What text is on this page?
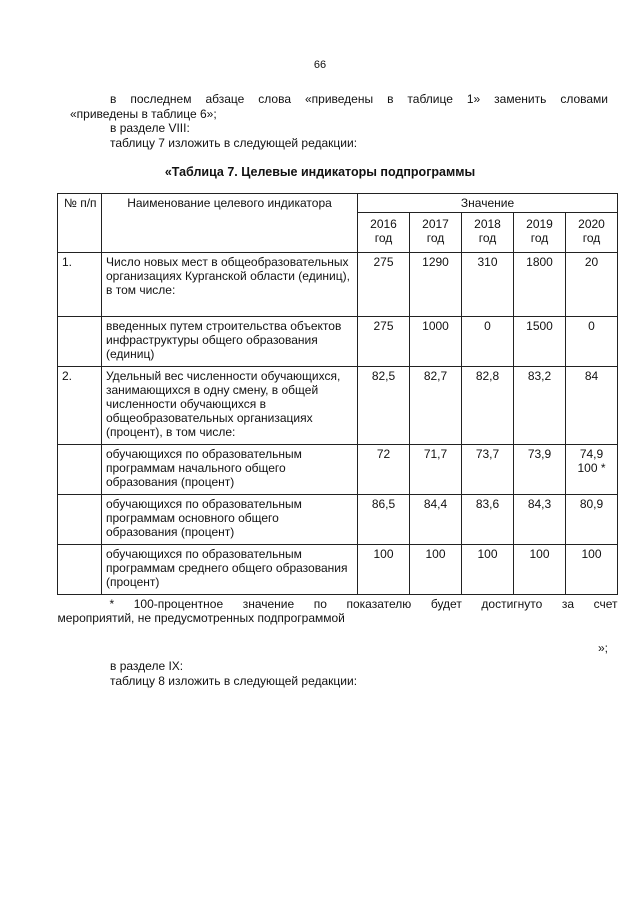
66
в последнем абзаце слова «приведены в таблице 1» заменить словами
«приведены в таблице 6»;
в разделе VIII:
таблицу 7 изложить в следующей редакции:
«Таблица 7. Целевые индикаторы подпрограммы
№ п/п	Наименование целевого индикатора	Значение				
		2016 год	2017 год	2018 год	2019 год	2020 год
1.	Число новых мест в общеобразовательных организациях Курганской области (единиц), в том числе:	275	1290	310	1800	20
	введенных путем строительства объектов инфраструктуры общего образования (единиц)	275	1000	0	1500	0
2.	Удельный вес численности обучающихся, занимающихся в одну смену, в общей численности обучающихся в общеобразовательных организациях (процент), в том числе:	82,5	82,7	82,8	83,2	84
	обучающихся по образовательным программам начального общего образования (процент)	72	71,7	73,7	73,9	74,9 100 *
	обучающихся по образовательным программам основного общего образования (процент)	86,5	84,4	83,6	84,3	80,9
	обучающихся по образовательным программам среднего общего образования (процент)	100	100	100	100	100

* 100-процентное значение по показателю будет достигнуто за счет
мероприятий, не предусмотренных подпрограммой						
»;
в разделе IX:
таблицу 8 изложить в следующей редакции:
